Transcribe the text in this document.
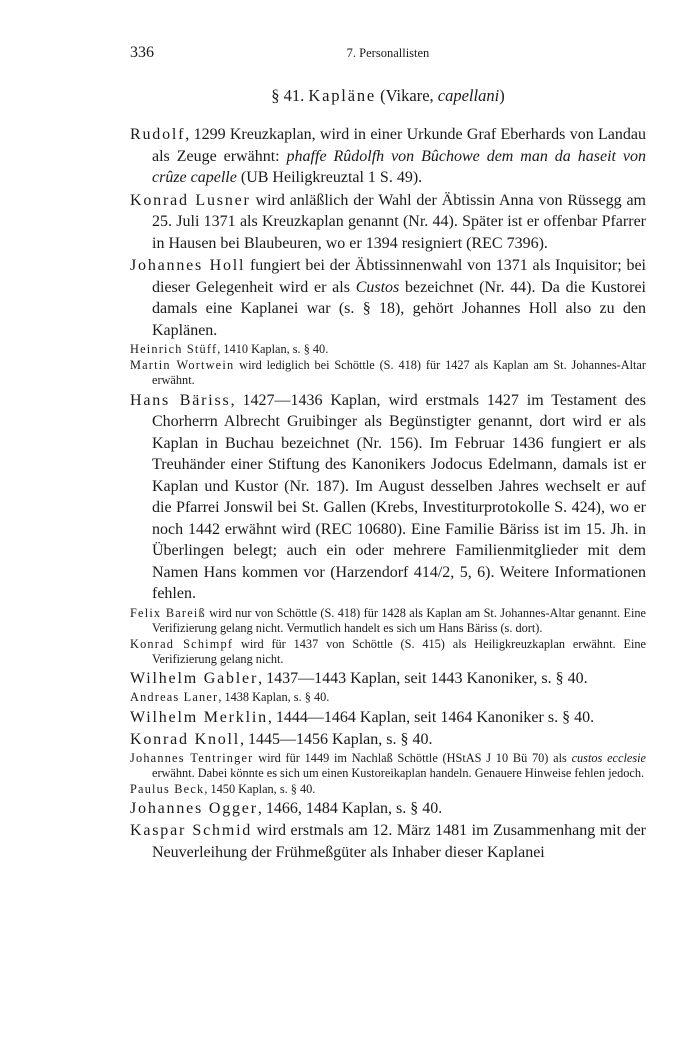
336	7. Personallisten
§ 41. Kapläne (Vikare, capellani)

Rudolf, 1299 Kreuzkaplan, wird in einer Urkunde Graf Eberhards von Landau als Zeuge erwähnt: phaffe Rûdolfh von Bûchowe dem man da haseit von crûze capelle (UB Heiligkreuztal 1 S. 49).

Konrad Lusner wird anläßlich der Wahl der Äbtissin Anna von Rüssegg am 25. Juli 1371 als Kreuzkaplan genannt (Nr. 44). Später ist er offenbar Pfarrer in Hausen bei Blaubeuren, wo er 1394 resigniert (REC 7396).

Johannes Holl fungiert bei der Äbtissinnenwahl von 1371 als Inquisitor; bei dieser Gelegenheit wird er als Custos bezeichnet (Nr. 44). Da die Kustorei damals eine Kaplanei war (s. § 18), gehört Johannes Holl also zu den Kaplänen.

Heinrich Stüff, 1410 Kaplan, s. § 40.

Martin Wortwein wird lediglich bei Schöttle (S. 418) für 1427 als Kaplan am St. Johannes-Altar erwähnt.

Hans Bäriss, 1427—1436 Kaplan, wird erstmals 1427 im Testament des Chorherrn Albrecht Gruibinger als Begünstigter genannt, dort wird er als Kaplan in Buchau bezeichnet (Nr. 156). Im Februar 1436 fungiert er als Treuhänder einer Stiftung des Kanonikers Jodocus Edelmann, damals ist er Kaplan und Kustor (Nr. 187). Im August desselben Jahres wechselt er auf die Pfarrei Jonswil bei St. Gallen (Krebs, Investiturprotokolle S. 424), wo er noch 1442 erwähnt wird (REC 10680). Eine Familie Bäriss ist im 15. Jh. in Überlingen belegt; auch ein oder mehrere Familienmitglieder mit dem Namen Hans kommen vor (Harzendorf 414/2, 5, 6). Weitere Informationen fehlen.

Felix Bareiß wird nur von Schöttle (S. 418) für 1428 als Kaplan am St. Johannes-Altar genannt. Eine Verifizierung gelang nicht. Vermutlich handelt es sich um Hans Bäriss (s. dort).

Konrad Schimpf wird für 1437 von Schöttle (S. 415) als Heiligkreuzkaplan erwähnt. Eine Verifizierung gelang nicht.

Wilhelm Gabler, 1437—1443 Kaplan, seit 1443 Kanoniker, s. § 40.

Andreas Laner, 1438 Kaplan, s. § 40.

Wilhelm Merklin, 1444—1464 Kaplan, seit 1464 Kanoniker s. § 40.

Konrad Knoll, 1445—1456 Kaplan, s. § 40.

Johannes Tentringer wird für 1449 im Nachlaß Schöttle (HStAS J 10 Bü 70) als custos ecclesie erwähnt. Dabei könnte es sich um einen Kustoreikaplan handeln. Genauere Hinweise fehlen jedoch.

Paulus Beck, 1450 Kaplan, s. § 40.

Johannes Ogger, 1466, 1484 Kaplan, s. § 40.

Kaspar Schmid wird erstmals am 12. März 1481 im Zusammenhang mit der Neuverleihung der Frühmeßgüter als Inhaber dieser Kaplanei
